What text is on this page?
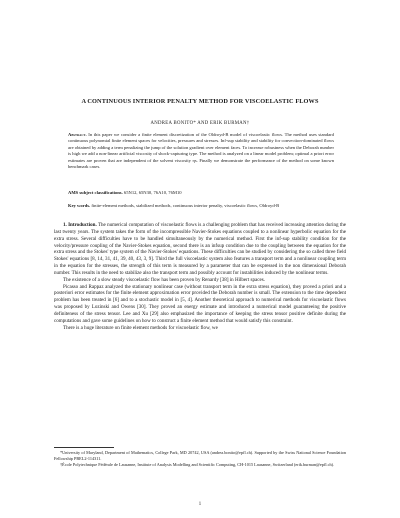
A CONTINUOUS INTERIOR PENALTY METHOD FOR VISCOELASTIC FLOWS
ANDREA BONITO* AND ERIK BURMAN†
Abstract. In this paper we consider a finite element discretization of the Oldroyd-B model of viscoelastic flows. The method uses standard continuous polynomial finite element spaces for velocities, pressures and stresses. Inf-sup stability and stability for convection-dominated flows are obtained by adding a term penalizing the jump of the solution gradient over element faces. To increase robustness when the Deborah number is high we add a non-linear artificial viscosity of shock-capturing type. The method is analyzed on a linear model problem; optimal a priori error estimates are proven that are independent of the solvent viscosity ηs. Finally we demonstrate the performance of the method on some known benchmark cases.
AMS subject classifications. 65N12, 65N30, 76A10, 76M10
Key words. finite-element methods, stabilized methods, continuous interior penalty, viscoelastic flows, Oldroyd-B

1. Introduction. The numerical computation of viscoelastic flows is a challenging problem that has received increasing attention during the last twenty years. The system takes the form of the incompressible Navier-Stokes equations coupled to a nonlinear hyperbolic equation for the extra stress. Several difficulties have to be handled simultaneously by the numerical method. First the inf-sup stability condition for the velocity/pressure coupling of the Navier-Stokes equation, second there is an infsup condition due to the coupling between the equation for the extra stress and the Stokes' type system of the Navier-Stokes' equations. These difficulties can be studied by considering the so called three field Stokes' equations [8, 14, 31, 41, 39, 40, 43, 3, 9]. Third the full viscoelastic system also features a transport term and a nonlinear coupling term in the equation for the stresses, the strength of this term is measured by a parameter that can be expressed in the non dimensional Deborah number. This results in the need to stabilize also the transport term and possibly account for instabilities induced by the nonlinear terms.

The existence of a slow steady viscoelastic flow has been proven by Renardy [38] in Hilbert spaces.

Picasso and Rappaz analyzed the stationary nonlinear case (without transport term in the extra stress equation), they proved a priori and a posteriori error estimates for the finite element approximation error provided the Deborah number is small. The extension to the time dependent problem has been treated in [6] and to a stochastic model in [5, 4]. Another theoretical approach to numerical methods for viscoelastic flows was proposed by Lozinski and Owens [30]. They proved an energy estimate and introduced a numerical model guaranteeing the positive definiteness of the stress tensor. Lee and Xu [29] also emphasized the importance of keeping the stress tensor positive definite during the computations and gave some guidelines on how to construct a finite element method that would satisfy this constraint.

There is a huge literature on finite element methods for viscoelastic flow, we

*University of Maryland, Department of Mathematics, College Park, MD 20742, USA (andrea.bonito@epfl.ch). Supported by the Swiss National Science Foundation Fellowship PBEL2-114311.

†École Polytechnique Fédérale de Lausanne, Institute of Analysis Modelling and Scientific Computing, CH-1015 Lausanne, Switzerland (erik.burman@epfl.ch).

1
